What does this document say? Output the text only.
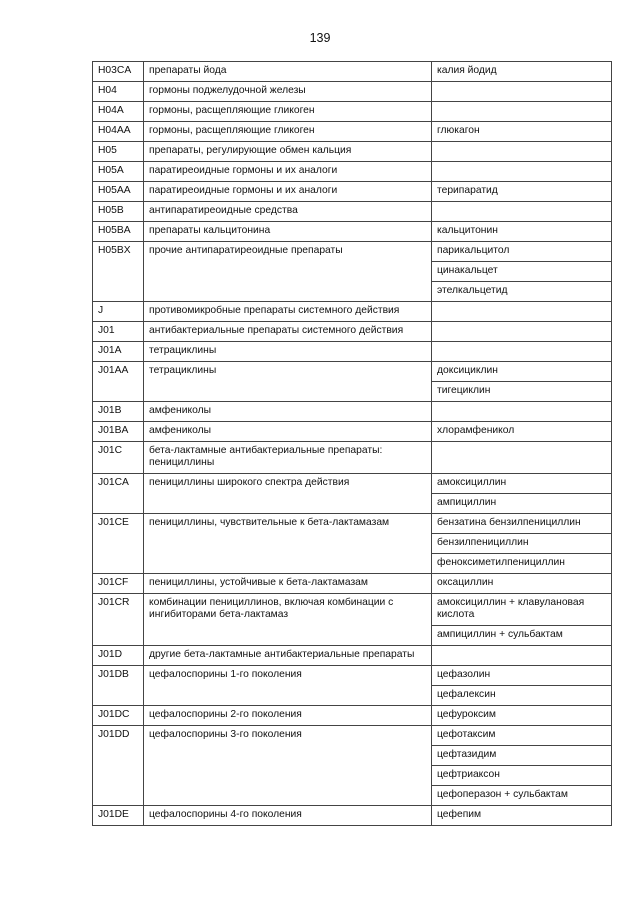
139
H03CA	препараты йода	калия йодид
H04	гормоны поджелудочной железы	
H04A	гормоны, расщепляющие гликоген	
H04AA	гормоны, расщепляющие гликоген	глюкагон
H05	препараты, регулирующие обмен кальция	
H05A	паратиреоидные гормоны и их аналоги	
H05AA	паратиреоидные гормоны и их аналоги	терипаратид
H05B	антипаратиреоидные средства	
H05BA	препараты кальцитонина	кальцитонин
H05BX	прочие антипаратиреоидные препараты	парикальцитол
		цинакальцет
		этелкальцетид
J	противомикробные препараты системного действия	
J01	антибактериальные препараты системного действия	
J01A	тетрациклины	
J01AA	тетрациклины	доксициклин
		тигециклин
J01B	амфениколы	
J01BA	амфениколы	хлорамфеникол
J01C	бета-лактамные антибактериальные препараты: пенициллины	
J01CA	пенициллины широкого спектра действия	амоксициллин
		ампициллин
J01CE	пенициллины, чувствительные к бета-лактамазам	бензатина бензилпенициллин
		бензилпенициллин
		феноксиметилпенициллин
J01CF	пенициллины, устойчивые к бета-лактамазам	оксациллин
J01CR	комбинации пенициллинов, включая комбинации с ингибиторами бета-лактамаз	амоксициллин + клавулановая кислота
		ампициллин + сульбактам
J01D	другие бета-лактамные антибактериальные препараты	
J01DB	цефалоспорины 1-го поколения	цефазолин
		цефалексин
J01DC	цефалоспорины 2-го поколения	цефуроксим
J01DD	цефалоспорины 3-го поколения	цефотаксим
		цефтазидим
		цефтриаксон
		цефоперазон + сульбактам
J01DE	цефалоспорины 4-го поколения	цефепим
